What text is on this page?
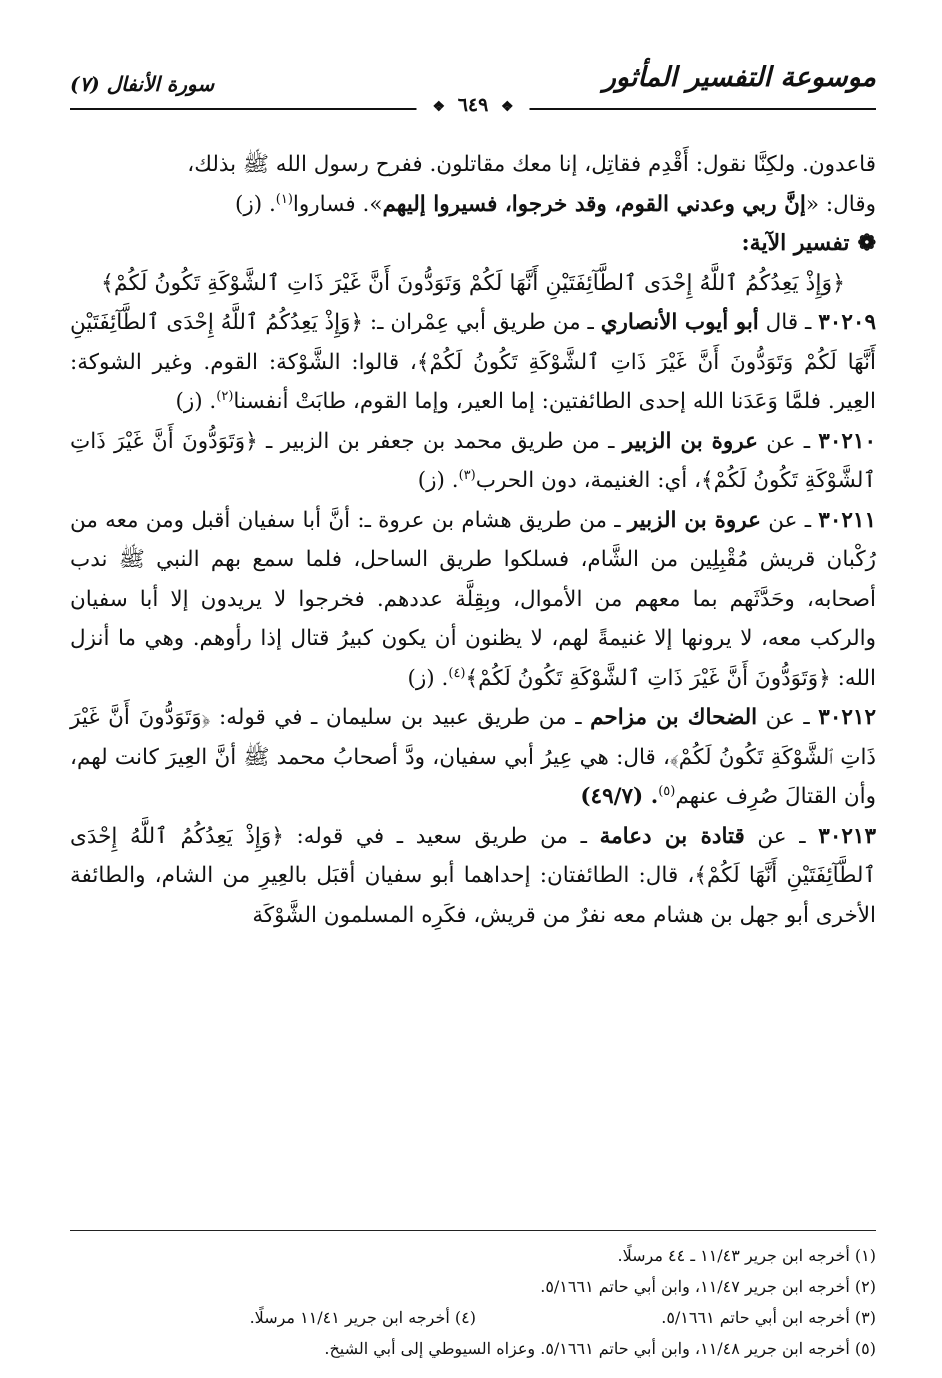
موسوعة التفسير المأثور
سورة الأنفال (٧)
❖ ٦٤٩ ❖

قاعدون. ولكِنَّا نقول: أَقْدِم فقاتِل، إنا معك مقاتلون. ففرح رسول الله ﷺ بذلك،

وقال: «إنَّ ربي وعدني القوم، وقد خرجوا، فسيروا إليهم». فساروا$^{(١)}$. (ز)

❁تفسير الآية:

﴿وَإِذْ يَعِدُكُمُ ٱللَّهُ إِحْدَى ٱلطَّآئِفَتَيْنِ أَنَّهَا لَكُمْ وَتَوَدُّونَ أَنَّ غَيْرَ ذَاتِ ٱلشَّوْكَةِ تَكُونُ لَكُمْ﴾

٣٠٢٠٩ ـ قال أبو أيوب الأنصاري ـ من طريق أبي عِمْران ـ: ﴿وَإِذْ يَعِدُكُمُ ٱللَّهُ إِحْدَى ٱلطَّآئِفَتَيْنِ أَنَّهَا لَكُمْ وَتَوَدُّونَ أَنَّ غَيْرَ ذَاتِ ٱلشَّوْكَةِ تَكُونُ لَكُمْ﴾، قالوا: الشَّوْكة: القوم. وغير الشوكة: العِير. فلمَّا وَعَدَنا الله إحدى الطائفتين: إما العير، وإما القوم، طابَتْ أنفسنا$^{(٢)}$. (ز)

٣٠٢١٠ ـ عن عروة بن الزبير ـ من طريق محمد بن جعفر بن الزبير ـ ﴿وَتَوَدُّونَ أَنَّ غَيْرَ ذَاتِ ٱلشَّوْكَةِ تَكُونُ لَكُمْ﴾، أي: الغنيمة، دون الحرب$^{(٣)}$. (ز)

٣٠٢١١ ـ عن عروة بن الزبير ـ من طريق هشام بن عروة ـ: أنَّ أبا سفيان أقبل ومن معه من رُكْبان قريش مُقْبِلِين من الشَّام، فسلكوا طريق الساحل، فلما سمع بهم النبي ﷺ ندب أصحابه، وحَدَّثَهم بما معهم من الأموال، وبِقِلَّة عددهم. فخرجوا لا يريدون إلا أبا سفيان والركب معه، لا يرونها إلا غنيمةً لهم، لا يظنون أن يكون كبيرُ قتال إذا رأوهم. وهي ما أنزل الله: ﴿وَتَوَدُّونَ أَنَّ غَيْرَ ذَاتِ ٱلشَّوْكَةِ تَكُونُ لَكُمْ﴾$^{(٤)}$. (ز)

٣٠٢١٢ ـ عن الضحاك بن مزاحم ـ من طريق عبيد بن سليمان ـ في قوله: ﴿وَتَوَدُّونَ أَنَّ غَيْرَ ذَاتِ ٱلشَّوْكَةِ تَكُونُ لَكُمْ﴾، قال: هي عِيرُ أبي سفيان، ودَّ أصحابُ محمد ﷺ أنَّ العِيرَ كانت لهم، وأن القتالَ صُرِف عنهم$^{(٥)}$. (٤٩/٧)

٣٠٢١٣ ـ عن قتادة بن دعامة ـ من طريق سعيد ـ في قوله: ﴿وَإِذْ يَعِدُكُمُ ٱللَّهُ إِحْدَى ٱلطَّآئِفَتَيْنِ أَنَّهَا لَكُمْ﴾، قال: الطائفتان: إحداهما أبو سفيان أقبَل بالعِيرِ من الشام، والطائفة الأخرى أبو جهل بن هشام معه نفرٌ من قريش، فكَرِه المسلمون الشَّوْكَة

(١) أخرجه ابن جرير ١١/٤٣ ـ ٤٤ مرسلًا.
(٢) أخرجه ابن جرير ١١/٤٧، وابن أبي حاتم ٥/١٦٦١.
(٣) أخرجه ابن أبي حاتم ٥/١٦٦١.
(٤) أخرجه ابن جرير ١١/٤١ مرسلًا.
(٥) أخرجه ابن جرير ١١/٤٨، وابن أبي حاتم ٥/١٦٦١. وعزاه السيوطي إلى أبي الشيخ.
